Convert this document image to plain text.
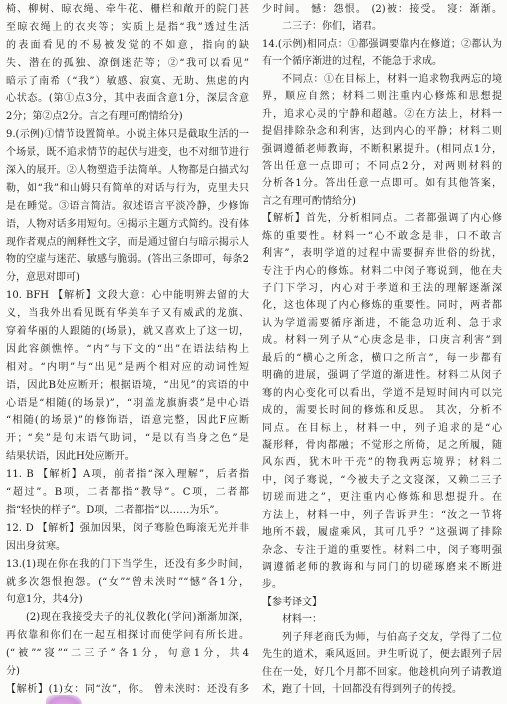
椅、柳树、晾衣绳、牵牛花、栅栏和敞开的院门甚
至晾衣绳上的衣夹等；实质上是指“我”透过生活
的表面看见的不易被发觉的不如意，指向的缺
失、潜在的孤独、潦倒迷茫等；②“我可以看见”
暗示了南希（“我”）敏感、寂寞、无助、焦虑的内
心状态。(第①点3分，其中表面含意1分，深层含意
2分；第②点2分。言之有理可酌情给分)
9.(示例)①情节设置简单。小说主体只是截取生活的一
个场景，既不追求情节的起伏与进变，也不对细节进行
深入的展开。②人物塑造手法简单。人物都是白描式勾
勒，如“我”和山姆只有简单的对话与行为，克里夫只
是在睡觉。③语言简洁。叙述语言平淡冷静，少修饰
语，人物对话多用短句。④揭示主题方式简约。没有体
现作者观点的阐释性文字，而是通过留白与暗示揭示人
物的空虚与迷茫、敏感与脆弱。(答出三条即可，每条2
分，意思对即可)
10. BFH 【解析】文段大意：心中能明辨去留的大
义，当我外出看见既有华美车子又有威武的龙旗、
穿着华丽的人跟随的(场景)，就又喜欢上了这一切，
因此容颜憔悴。“内”与下文的“出”在语法结构上
相对。“内明”与“出见”是两个相对应的动词性短
语，因此B处应断开；根据语境，“出见”的宾语的中
心语是“相随(的场景)”，“羽盖龙旗旃裘”是中心语
“相随(的场景)”的修饰语，语意完整，因此F应断
开；“矣”是句末语气助词，“是以有当身之色”是
结果状语，因此H处应断开。
11. B 【解析】A项，前者指“深入理解”，后者指
“超过”。B项，二者都指“教导”。C项，二者都
指“轻快的样子”。D项，二者都指“以……为乐”。
12. D 【解析】强加因果，闵子骞脸色晦滚无光并非
因出身贫寒。
13.(1)现在你在我的门下当学生，还没有多少时间，
就多次怨恨抱怨。(“女”“曾未浃时”“憾”各1分，
句意1分，共4分)
(2)现在我接受夫子的礼仪教化(学问)渐渐加深，
再依靠和你们在一起互相探讨而使学问有所长进。
(“被”“寖”“二三子”各1分，句意1分，共4
分)
【解析】(1)女：同“汝”，你。 曾未浃时：还没有多
少时间。 憾：怨恨。 (2)被：接受。 寖：渐渐。
二三子：你们，诸君。
14.(示例)相同点：①都强调要靠内在修道；②都认为
有一个循序渐进的过程，不能急于求成。
不同点：①在目标上，材料一追求物我两忘的境
界，顺应自然；材料二则注重内心修炼和思想提
升，追求心灵的宁静和超越。②在方法上，材料一
提倡排除杂念和利害，达到内心的平静；材料二则
强调遵循老师教诲，不断积累提升。(相同点1分，
答出任意一点即可；不同点2分，对两则材料的
分析各1分。答出任意一点即可。如有其他答案，
言之有理可酌情给分)
【解析】首先，分析相同点。二者都强调了内心修
炼的重要性。材料一“心不敢念是非，口不敢言
利害”，表明学道的过程中需要摒弃世俗的纷扰，
专注于内心的修炼。材料二中闵子骞说到，他在夫
子门下学习，内心对于孝道和王法的理解逐渐深
化，这也体现了内心修炼的重要性。同时，两者都
认为学道需要循序渐进，不能急功近利、急于求
成。材料一列子从“心庚念是非，口庚言利害”到
最后的“横心之所念，横口之所言”，每一步都有
明确的进展，强调了学道的渐进性。材料二从闵子
骞的内心变化可以看出，学道不是短时间内可以完
成的，需要长时间的修炼和反思。 其次，分析不
同点。在目标上，材料一中，列子追求的是“心
凝形释，骨肉都融；不觉形之所倚，足之所履，随
风东西，犹木叶干壳”的物我两忘境界；材料二
中，闵子骞说，“今被夫子之文寖深，又赖二三子
切瑳而进之”，更注重内心修炼和思想提升。在
方法上，材料一中，列子告诉尹生：“汝之一节将
地所不载，履虚乘风，其可几乎？”这强调了排除
杂念、专注于道的重要性。材料二中，闵子骞明强
调遵循老师的教诲和与同门的切磋琢磨来不断进
步。
【参考译文】
材料一：
列子拜老商氏为师，与伯高子交友，学得了二位
先生的道术，乘风返回。尹生听说了，便去跟列子居
住在一处，好几个月都不回家。他趁机向列子请教道
术，跑了十回，十回都没有得到列子的传授。
